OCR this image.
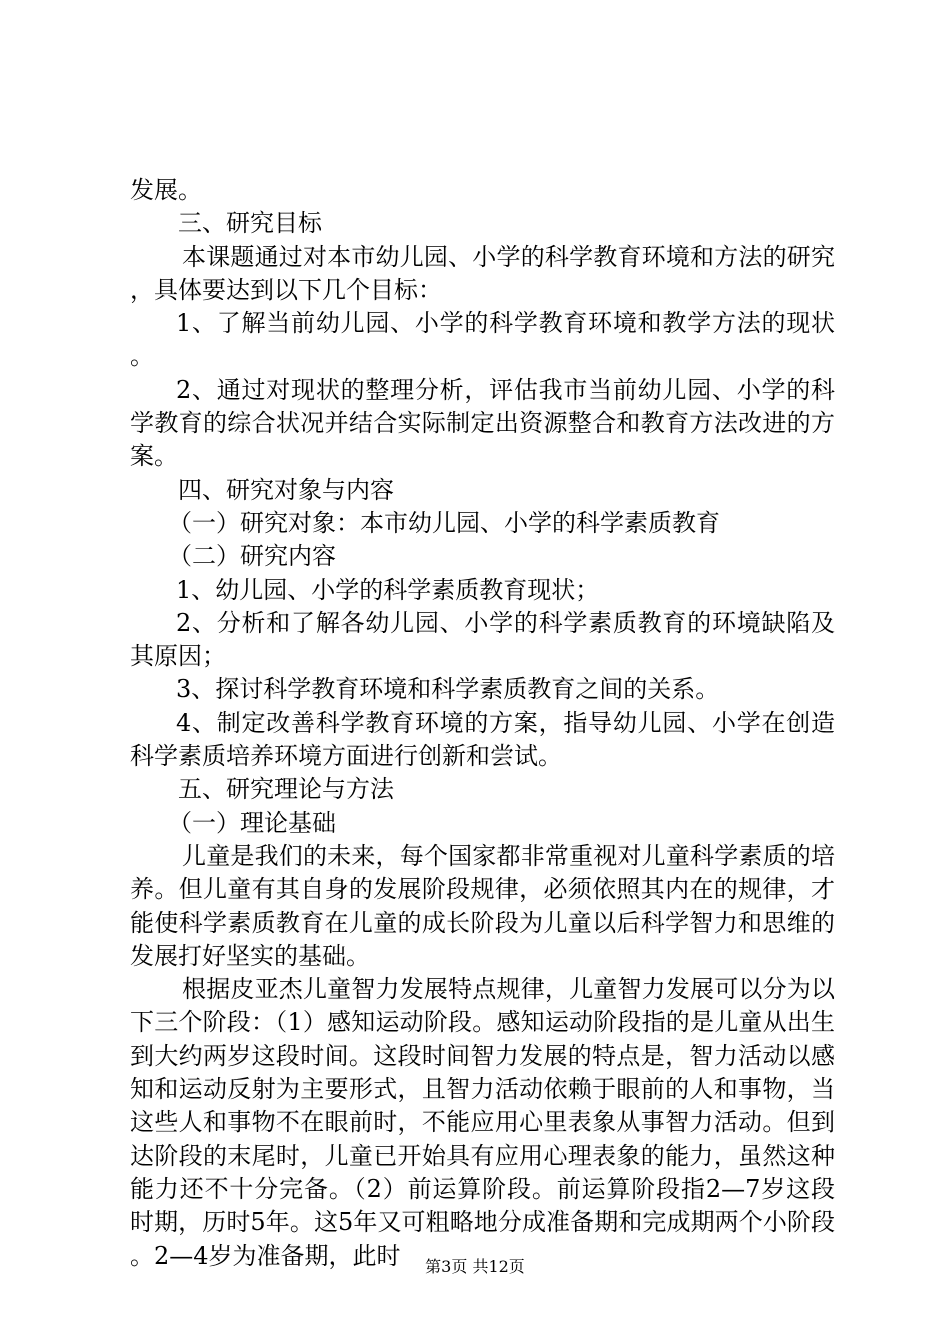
发展。

三、研究目标

本课题通过对本市幼儿园、小学的科学教育环境和方法的研究，具体要达到以下几个目标：

1、了解当前幼儿园、小学的科学教育环境和教学方法的现状。

2、通过对现状的整理分析，评估我市当前幼儿园、小学的科学教育的综合状况并结合实际制定出资源整合和教育方法改进的方案。

四、研究对象与内容

（一）研究对象：本市幼儿园、小学的科学素质教育

（二）研究内容

1、幼儿园、小学的科学素质教育现状；

2、分析和了解各幼儿园、小学的科学素质教育的环境缺陷及其原因；

3、探讨科学教育环境和科学素质教育之间的关系。

4、制定改善科学教育环境的方案，指导幼儿园、小学在创造科学素质培养环境方面进行创新和尝试。

五、研究理论与方法

（一）理论基础

儿童是我们的未来，每个国家都非常重视对儿童科学素质的培养。但儿童有其自身的发展阶段规律，必须依照其内在的规律，才能使科学素质教育在儿童的成长阶段为儿童以后科学智力和思维的发展打好坚实的基础。

根据皮亚杰儿童智力发展特点规律，儿童智力发展可以分为以下三个阶段：（1）感知运动阶段。感知运动阶段指的是儿童从出生到大约两岁这段时间。这段时间智力发展的特点是，智力活动以感知和运动反射为主要形式，且智力活动依赖于眼前的人和事物，当这些人和事物不在眼前时，不能应用心里表象从事智力活动。但到达阶段的末尾时，儿童已开始具有应用心理表象的能力，虽然这种能力还不十分完备。（2）前运算阶段。前运算阶段指2—7岁这段时期，历时5年。这5年又可粗略地分成准备期和完成期两个小阶段。2—4岁为准备期，此时	第3页 共12页
